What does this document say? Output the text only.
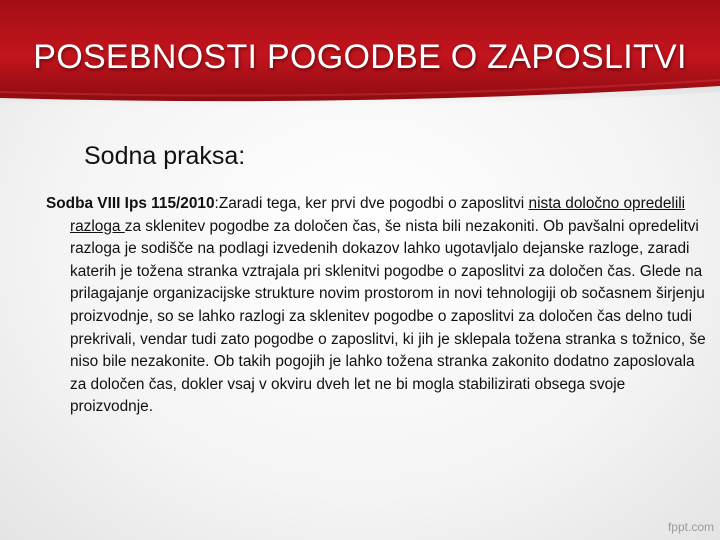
POSEBNOSTI POGODBE O ZAPOSLITVI
Sodna praksa:
Sodba VIII Ips 115/2010:Zaradi tega, ker prvi dve pogodbi o zaposlitvi nista določno opredelili razloga za sklenitev pogodbe za določen čas, še nista bili nezakoniti. Ob pavšalni opredelitvi razloga je sodišče na podlagi izvedenih dokazov lahko ugotavljalo dejanske razloge, zaradi katerih je tožena stranka vztrajala pri sklenitvi pogodbe o zaposlitvi za določen čas. Glede na prilagajanje organizacijske strukture novim prostorom in novi tehnologiji ob sočasnem širjenju proizvodnje, so se lahko razlogi za sklenitev pogodbe o zaposlitvi za določen čas delno tudi prekrivali, vendar tudi zato pogodbe o zaposlitvi, ki jih je sklepala tožena stranka s tožnico, še niso bile nezakonite. Ob takih pogojih je lahko tožena stranka zakonito dodatno zaposlovala za določen čas, dokler vsaj v okviru dveh let ne bi mogla stabilizirati obsega svoje proizvodnje.
fppt.com
